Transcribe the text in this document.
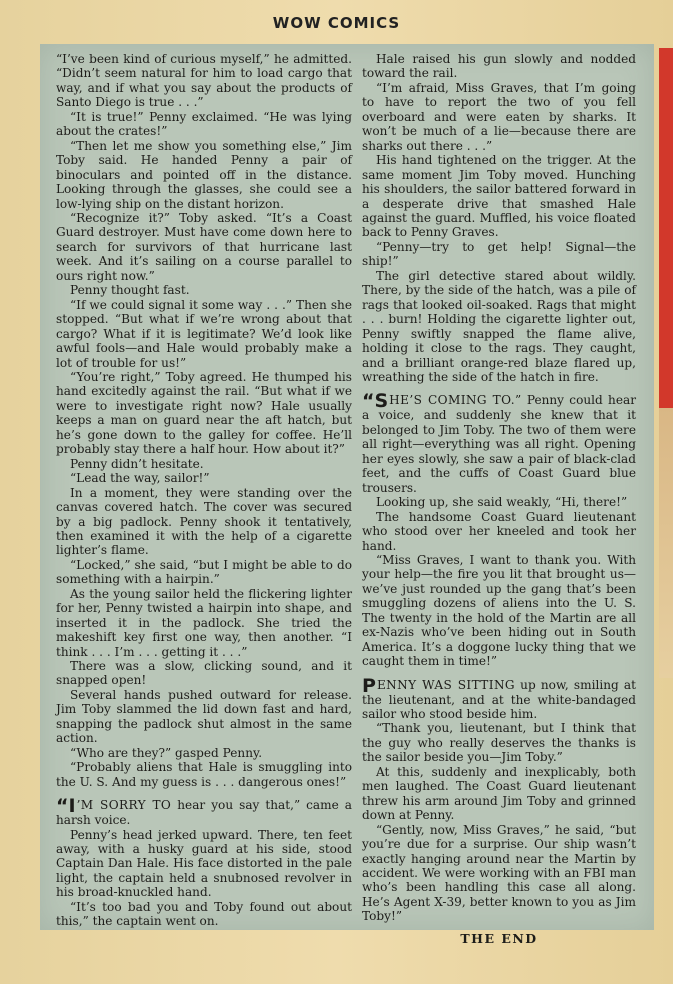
WOW COMICS

“I’ve been kind of curious myself,” he admitted. “Didn’t seem natural for him to load cargo that way, and if what you say about the products of Santo Diego is true . . .”

“It is true!” Penny exclaimed. “He was lying about the crates!”

“Then let me show you something else,” Jim Toby said. He handed Penny a pair of binoculars and pointed off in the distance. Looking through the glasses, she could see a low-lying ship on the distant horizon.

“Recognize it?” Toby asked. “It’s a Coast Guard destroyer. Must have come down here to search for survivors of that hurricane last week. And it’s sailing on a course parallel to ours right now.”

Penny thought fast.

“If we could signal it some way . . .” Then she stopped. “But what if we’re wrong about that cargo? What if it is legitimate? We’d look like awful fools—and Hale would probably make a lot of trouble for us!”

“You’re right,” Toby agreed. He thumped his hand excitedly against the rail. “But what if we were to investigate right now? Hale usually keeps a man on guard near the aft hatch, but he’s gone down to the galley for coffee. He’ll probably stay there a half hour. How about it?”

Penny didn’t hesitate.

“Lead the way, sailor!”

In a moment, they were standing over the canvas covered hatch. The cover was secured by a big padlock. Penny shook it tentatively, then examined it with the help of a cigarette lighter’s flame.

“Locked,” she said, “but I might be able to do something with a hairpin.”

As the young sailor held the flickering lighter for her, Penny twisted a hairpin into shape, and inserted it in the padlock. She tried the makeshift key first one way, then another. “I think . . . I’m . . . getting it . . .”

There was a slow, clicking sound, and it snapped open!

Several hands pushed outward for release. Jim Toby slammed the lid down fast and hard, snapping the padlock shut almost in the same action.

“Who are they?” gasped Penny.

“Probably aliens that Hale is smuggling into the U. S. And my guess is . . . dangerous ones!”

“I’M SORRY TO hear you say that,” came a harsh voice.

Penny’s head jerked upward. There, ten feet away, with a husky guard at his side, stood Captain Dan Hale. His face distorted in the pale light, the captain held a snubnosed revolver in his broad-knuckled hand.

“It’s too bad you and Toby found out about this,” the captain went on.

Hale raised his gun slowly and nodded toward the rail.

“I’m afraid, Miss Graves, that I’m going to have to report the two of you fell overboard and were eaten by sharks. It won’t be much of a lie—because there are sharks out there . . .”

His hand tightened on the trigger. At the same moment Jim Toby moved. Hunching his shoulders, the sailor battered forward in a desperate drive that smashed Hale against the guard. Muffled, his voice floated back to Penny Graves.

“Penny—try to get help! Signal—the ship!”

The girl detective stared about wildly. There, by the side of the hatch, was a pile of rags that looked oil-soaked. Rags that might . . . burn! Holding the cigarette lighter out, Penny swiftly snapped the flame alive, holding it close to the rags. They caught, and a brilliant orange-red blaze flared up, wreathing the side of the hatch in fire.

“SHE’S COMING TO.” Penny could hear a voice, and suddenly she knew that it belonged to Jim Toby. The two of them were all right—everything was all right. Opening her eyes slowly, she saw a pair of black-clad feet, and the cuffs of Coast Guard blue trousers.

Looking up, she said weakly, “Hi, there!”

The handsome Coast Guard lieutenant who stood over her kneeled and took her hand.

“Miss Graves, I want to thank you. With your help—the fire you lit that brought us—we’ve just rounded up the gang that’s been smuggling dozens of aliens into the U. S. The twenty in the hold of the Martin are all ex-Nazis who’ve been hiding out in South America. It’s a doggone lucky thing that we caught them in time!”

PENNY WAS SITTING up now, smiling at the lieutenant, and at the white-bandaged sailor who stood beside him.

“Thank you, lieutenant, but I think that the guy who really deserves the thanks is the sailor beside you—Jim Toby.”

At this, suddenly and inexplicably, both men laughed. The Coast Guard lieutenant threw his arm around Jim Toby and grinned down at Penny.

“Gently, now, Miss Graves,” he said, “but you’re due for a surprise. Our ship wasn’t exactly hanging around near the Martin by accident. We were working with an FBI man who’s been handling this case all along. He’s Agent X-39, better known to you as Jim Toby!”

THE END
